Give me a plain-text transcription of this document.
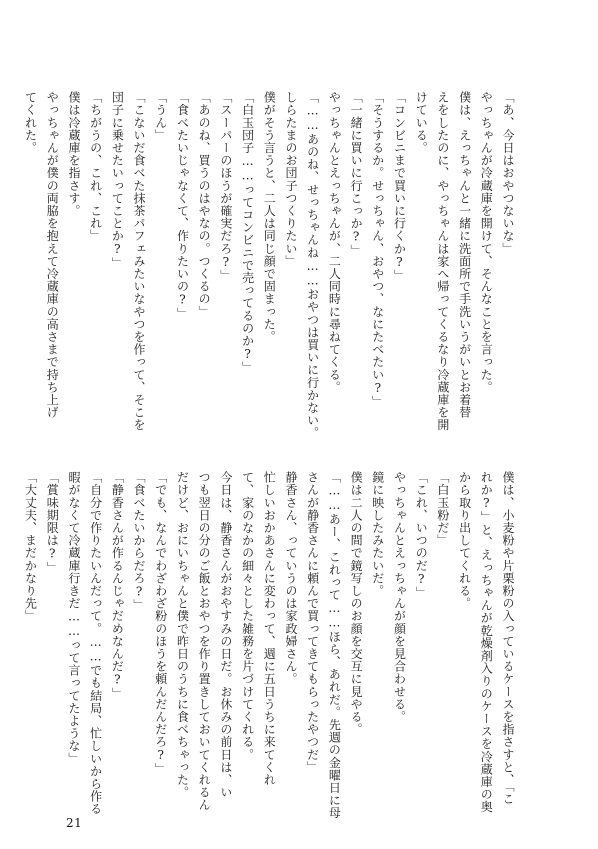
「あ、今日はおやつないな」
やっちゃんが冷蔵庫を開けて、そんなことを言った。
僕は、えっちゃんと一緒に洗面所で手洗いうがいとお着替
えをしたのに、やっちゃんは家へ帰ってくるなり冷蔵庫を開
けている。
「コンビニまで買いに行くか?」
「そうするか。せっちゃん、おやつ、なにたべたい?」
「一緒に買いに行こっか?」
やっちゃんとえっちゃんが、二人同時に尋ねてくる。
「……あのね、せっちゃんね……おやつは買いに行かない。
しらたまのお団子つくりたい」
僕がそう言うと、二人は同じ顔で固まった。
「白玉団子……ってコンビニで売ってるのか?」
「スーパーのほうが確実だろ?」
「あのね、買うのはやなの。つくるの」
「食べたいじゃなくて、作りたいの?」
「うん」
「こないだ食べた抹茶パフェみたいなやつを作って、そこを
団子に乗せたいってことか?」
「ちがうの、これ、これ」
僕は冷蔵庫を指さす。
やっちゃんが僕の両脇を抱えて冷蔵庫の高さまで持ち上げ
てくれた。
僕は、小麦粉や片栗粉の入っているケースを指さすと、「こ
れか?」と、えっちゃんが乾燥剤入りのケースを冷蔵庫の奥
から取り出してくれる。
「白玉粉だ」
「これ、いつのだ?」
やっちゃんとえっちゃんが顔を見合わせる。
鏡に映したみたいだ。
僕は二人の間で鏡写しのお顔を交互に見やる。
「……あー、これって……ほら、あれだ。先週の金曜日に母
さんが静香さんに頼んで買ってきてもらったやつだ」
静香さん、っていうのは家政婦さん。
忙しいおかあさんに変わって、週に五日うちに来てくれ
て、家のなかの細々とした雑務を片づけてくれる。
今日は、静香さんがおやすみの日だ。お休みの前日は、い
つも翌日の分のご飯とおやつを作り置きしておいてくれるん
だけど、おにいちゃんと僕で昨日のうちに食べちゃった。
「でも、なんでわざわざ粉のほうを頼んだんだろ?」
「食べたいからだろ?」
「静香さんが作るんじゃだめなんだ?」
「自分で作りたいんだって。……でも結局、忙しいから作る
暇がなくて冷蔵庫行きだ……って言ってたような」
「賞味期限は?」
「大丈夫、まだかなり先」
21
